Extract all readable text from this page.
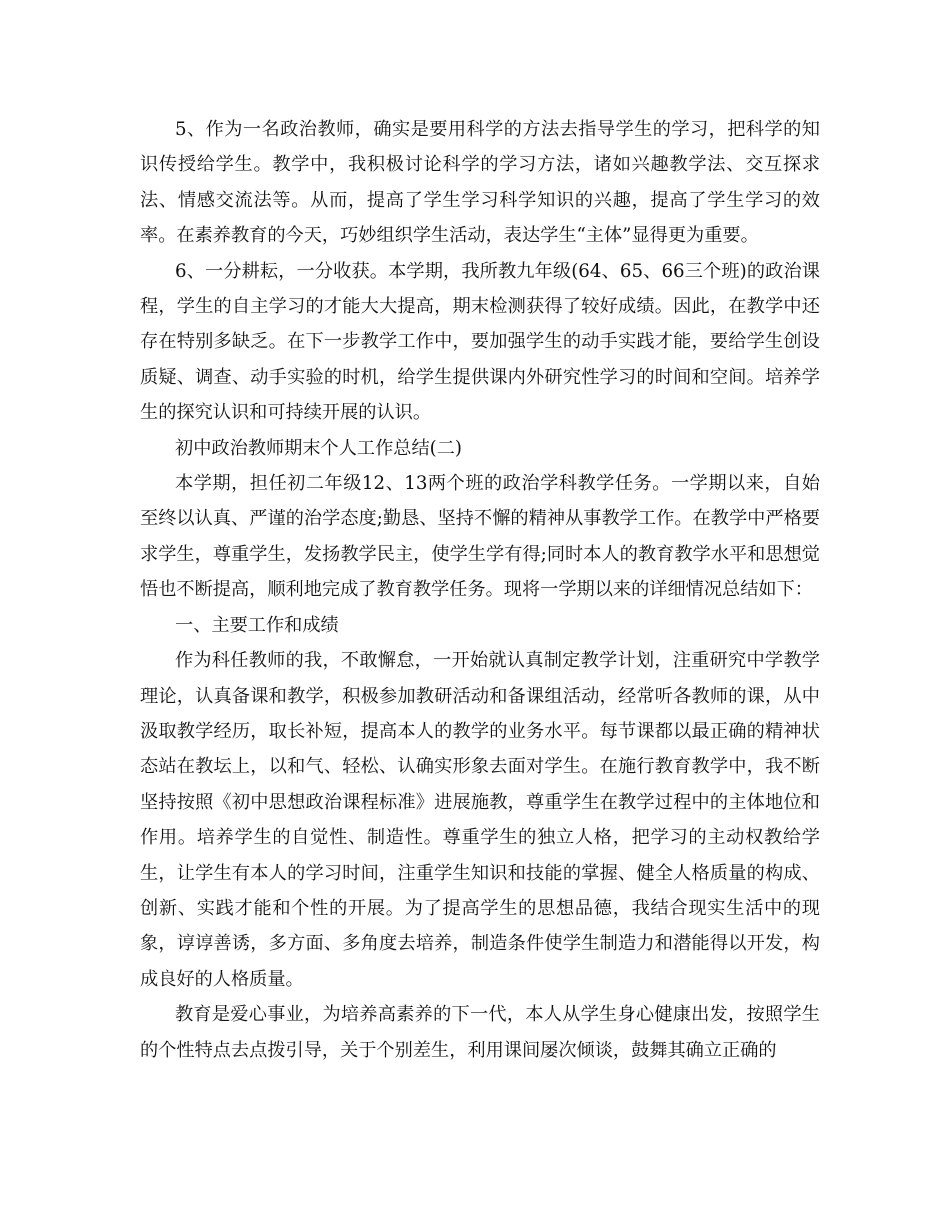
5、作为一名政治教师，确实是要用科学的方法去指导学生的学习，把科学的知识传授给学生。教学中，我积极讨论科学的学习方法，诸如兴趣教学法、交互探求法、情感交流法等。从而，提高了学生学习科学知识的兴趣，提高了学生学习的效率。在素养教育的今天，巧妙组织学生活动，表达学生“主体”显得更为重要。

6、一分耕耘，一分收获。本学期，我所教九年级(64、65、66三个班)的政治课程，学生的自主学习的才能大大提高，期末检测获得了较好成绩。因此，在教学中还存在特别多缺乏。在下一步教学工作中，要加强学生的动手实践才能，要给学生创设质疑、调查、动手实验的时机，给学生提供课内外研究性学习的时间和空间。培养学生的探究认识和可持续开展的认识。

初中政治教师期末个人工作总结(二)

本学期，担任初二年级12、13两个班的政治学科教学任务。一学期以来，自始至终以认真、严谨的治学态度;勤恳、坚持不懈的精神从事教学工作。在教学中严格要求学生，尊重学生，发扬教学民主，使学生学有得;同时本人的教育教学水平和思想觉悟也不断提高，顺利地完成了教育教学任务。现将一学期以来的详细情况总结如下：

一、主要工作和成绩

作为科任教师的我，不敢懈怠，一开始就认真制定教学计划，注重研究中学教学理论，认真备课和教学，积极参加教研活动和备课组活动，经常听各教师的课，从中汲取教学经历，取长补短，提高本人的教学的业务水平。每节课都以最正确的精神状态站在教坛上，以和气、轻松、认确实形象去面对学生。在施行教育教学中，我不断坚持按照《初中思想政治课程标准》进展施教，尊重学生在教学过程中的主体地位和作用。培养学生的自觉性、制造性。尊重学生的独立人格，把学习的主动权教给学生，让学生有本人的学习时间，注重学生知识和技能的掌握、健全人格质量的构成、创新、实践才能和个性的开展。为了提高学生的思想品德，我结合现实生活中的现象，谆谆善诱，多方面、多角度去培养，制造条件使学生制造力和潜能得以开发，构成良好的人格质量。

教育是爱心事业，为培养高素养的下一代，本人从学生身心健康出发，按照学生的个性特点去点拨引导，关于个别差生，利用课间屡次倾谈，鼓舞其确立正确的
